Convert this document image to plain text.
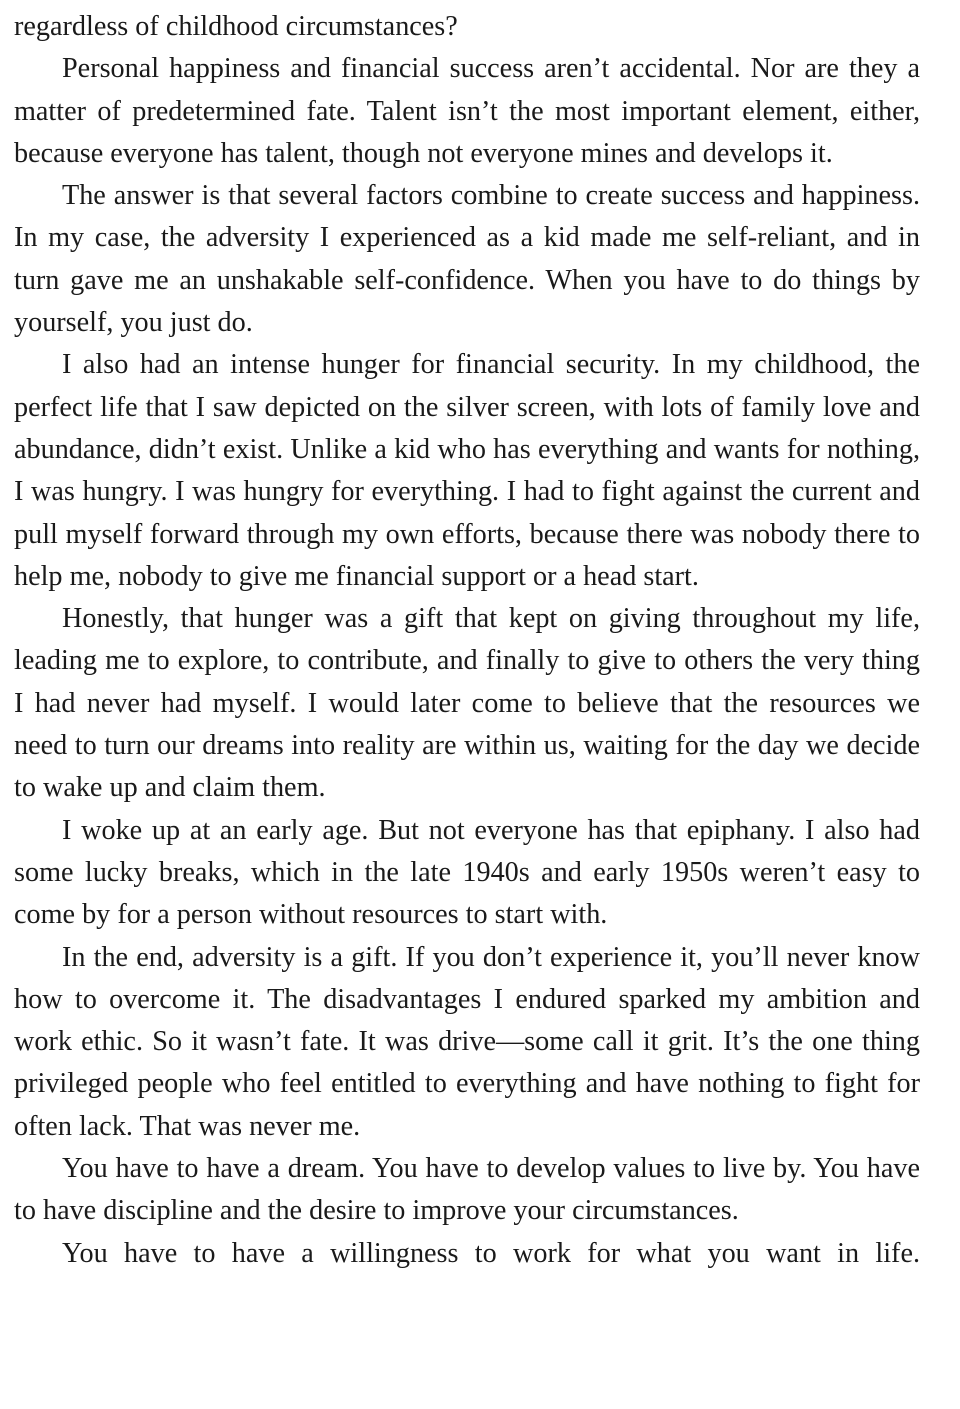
regardless of childhood circumstances?

Personal happiness and financial success aren’t accidental. Nor are they a matter of predetermined fate. Talent isn’t the most important element, either, because everyone has talent, though not everyone mines and develops it.

The answer is that several factors combine to create success and happiness. In my case, the adversity I experienced as a kid made me self-reliant, and in turn gave me an unshakable self-confidence. When you have to do things by yourself, you just do.

I also had an intense hunger for financial security. In my childhood, the perfect life that I saw depicted on the silver screen, with lots of family love and abundance, didn’t exist. Unlike a kid who has everything and wants for nothing, I was hungry. I was hungry for everything. I had to fight against the current and pull myself forward through my own efforts, because there was nobody there to help me, nobody to give me financial support or a head start.

Honestly, that hunger was a gift that kept on giving throughout my life, leading me to explore, to contribute, and finally to give to others the very thing I had never had myself. I would later come to believe that the resources we need to turn our dreams into reality are within us, waiting for the day we decide to wake up and claim them.

I woke up at an early age. But not everyone has that epiphany. I also had some lucky breaks, which in the late 1940s and early 1950s weren’t easy to come by for a person without resources to start with.

In the end, adversity is a gift. If you don’t experience it, you’ll never know how to overcome it. The disadvantages I endured sparked my ambition and work ethic. So it wasn’t fate. It was drive—some call it grit. It’s the one thing privileged people who feel entitled to everything and have nothing to fight for often lack. That was never me.

You have to have a dream. You have to develop values to live by. You have to have discipline and the desire to improve your circumstances.

You have to have a willingness to work for what you want in life.
